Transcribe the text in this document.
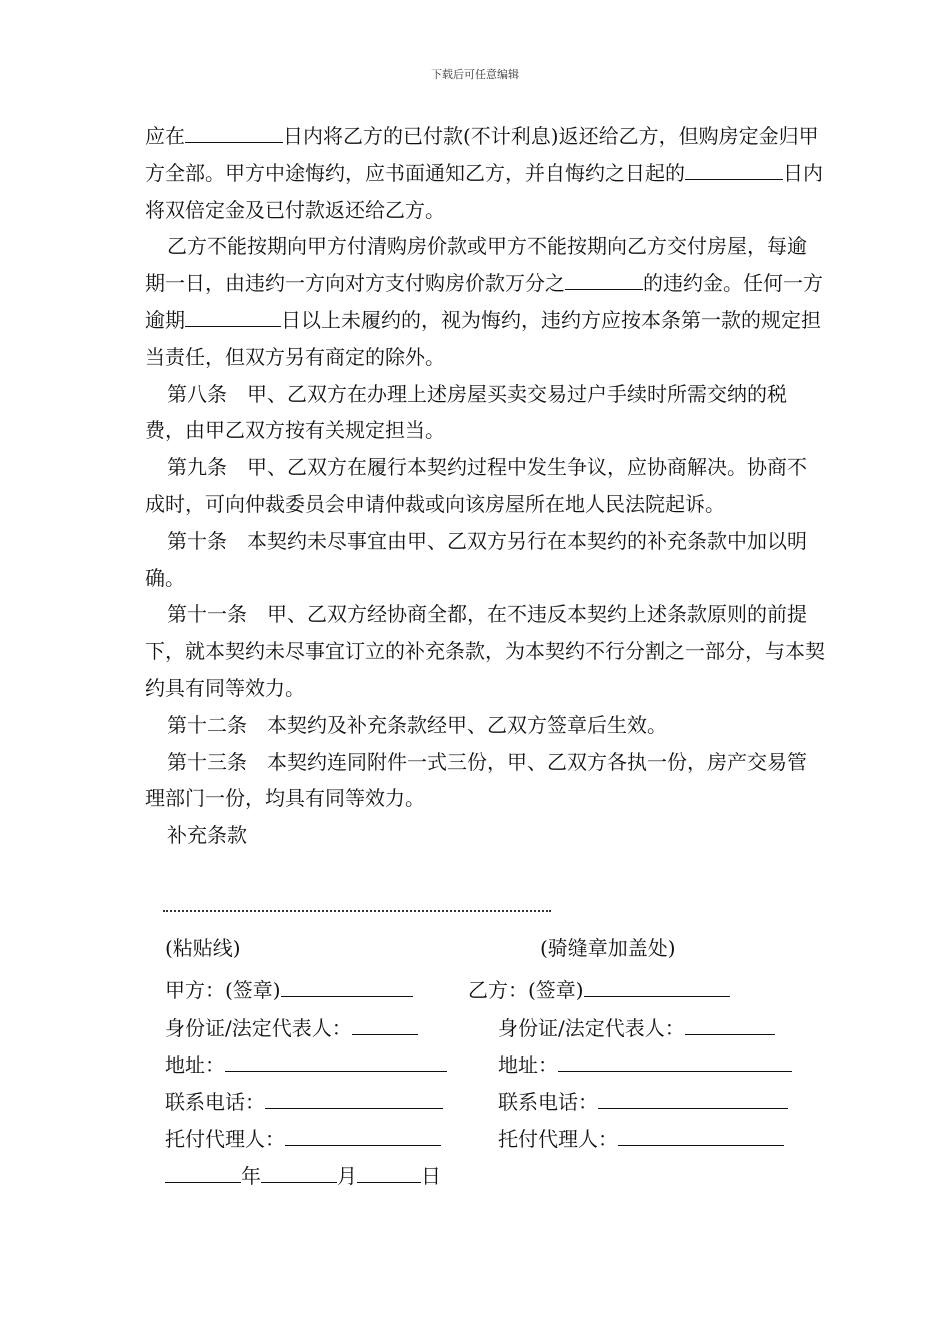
下载后可任意编辑

应在	日内将乙方的已付款(不计利息)返还给乙方，但购房定金归甲方全部。甲方中途悔约，应书面通知乙方，并自悔约之日起的	日内将双倍定金及已付款返还给乙方。

乙方不能按期向甲方付清购房价款或甲方不能按期向乙方交付房屋，每逾期一日，由违约一方向对方支付购房价款万分之	的违约金。任何一方逾期	日以上未履约的，视为悔约，违约方应按本条第一款的规定担当责任，但双方另有商定的除外。

第八条　甲、乙双方在办理上述房屋买卖交易过户手续时所需交纳的税费，由甲乙双方按有关规定担当。

第九条　甲、乙双方在履行本契约过程中发生争议，应协商解决。协商不成时，可向仲裁委员会申请仲裁或向该房屋所在地人民法院起诉。

第十条　本契约未尽事宜由甲、乙双方另行在本契约的补充条款中加以明确。

第十一条　甲、乙双方经协商全都，在不违反本契约上述条款原则的前提下，就本契约未尽事宜订立的补充条款，为本契约不行分割之一部分，与本契约具有同等效力。

第十二条　本契约及补充条款经甲、乙双方签章后生效。

第十三条　本契约连同附件一式三份，甲、乙双方各执一份，房产交易管理部门一份，均具有同等效力。

补充条款

(粘贴线)	(骑缝章加盖处)
甲方：(签章)	乙方：(签章)
身份证/法定代表人：	身份证/法定代表人：
地址：	地址：
联系电话：	联系电话：
托付代理人：	托付代理人：
年	月	日
